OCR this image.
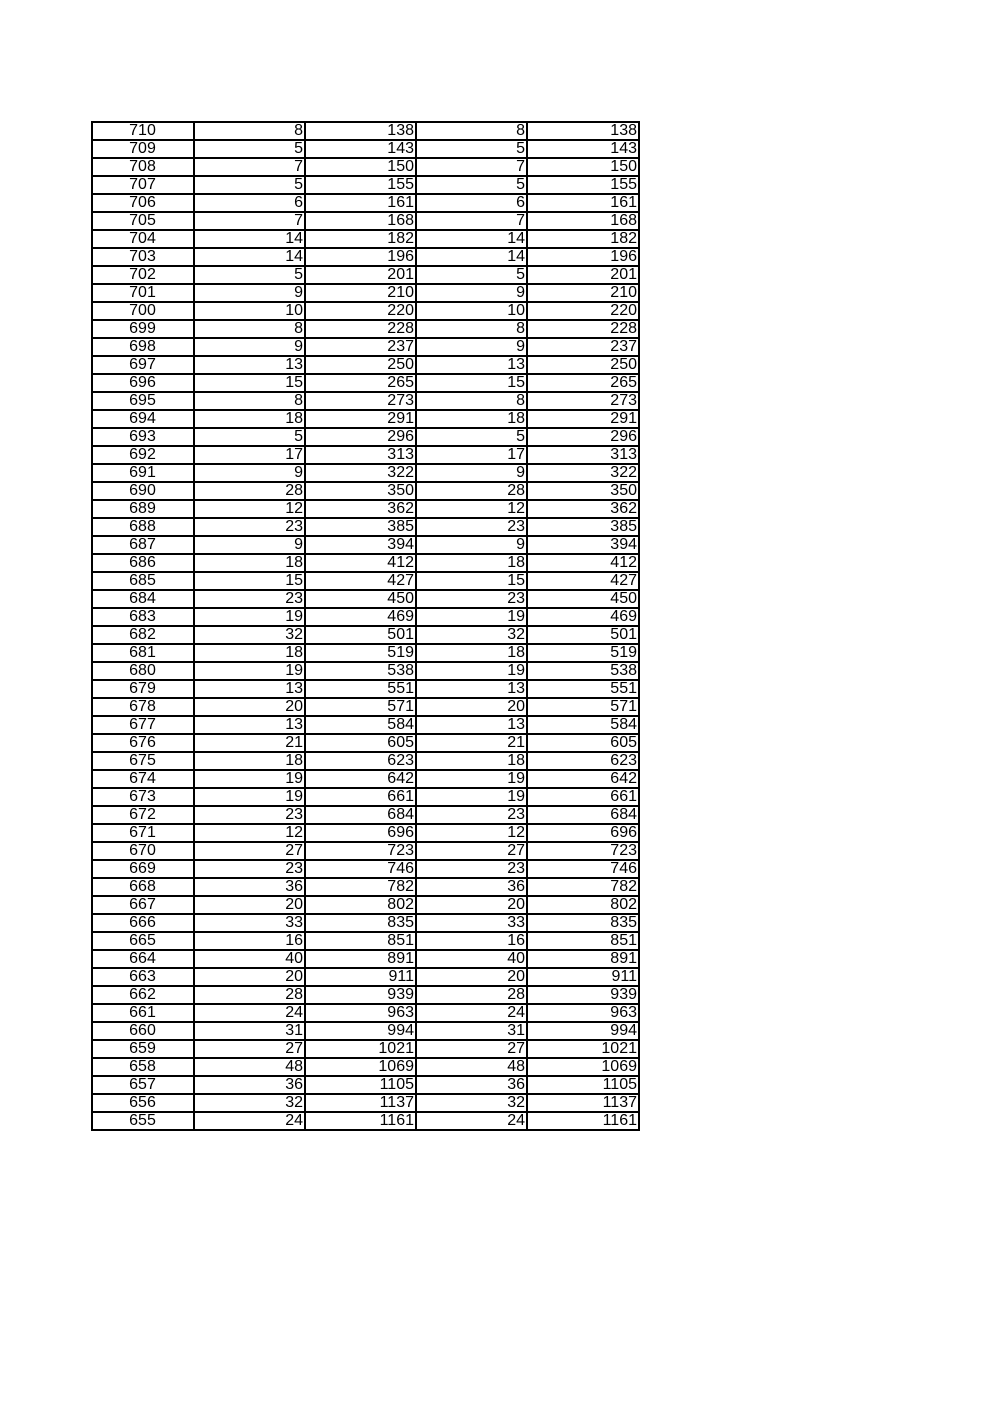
710	8	138	8	138
709	5	143	5	143
708	7	150	7	150
707	5	155	5	155
706	6	161	6	161
705	7	168	7	168
704	14	182	14	182
703	14	196	14	196
702	5	201	5	201
701	9	210	9	210
700	10	220	10	220
699	8	228	8	228
698	9	237	9	237
697	13	250	13	250
696	15	265	15	265
695	8	273	8	273
694	18	291	18	291
693	5	296	5	296
692	17	313	17	313
691	9	322	9	322
690	28	350	28	350
689	12	362	12	362
688	23	385	23	385
687	9	394	9	394
686	18	412	18	412
685	15	427	15	427
684	23	450	23	450
683	19	469	19	469
682	32	501	32	501
681	18	519	18	519
680	19	538	19	538
679	13	551	13	551
678	20	571	20	571
677	13	584	13	584
676	21	605	21	605
675	18	623	18	623
674	19	642	19	642
673	19	661	19	661
672	23	684	23	684
671	12	696	12	696
670	27	723	27	723
669	23	746	23	746
668	36	782	36	782
667	20	802	20	802
666	33	835	33	835
665	16	851	16	851
664	40	891	40	891
663	20	911	20	911
662	28	939	28	939
661	24	963	24	963
660	31	994	31	994
659	27	1021	27	1021
658	48	1069	48	1069
657	36	1105	36	1105
656	32	1137	32	1137
655	24	1161	24	1161
